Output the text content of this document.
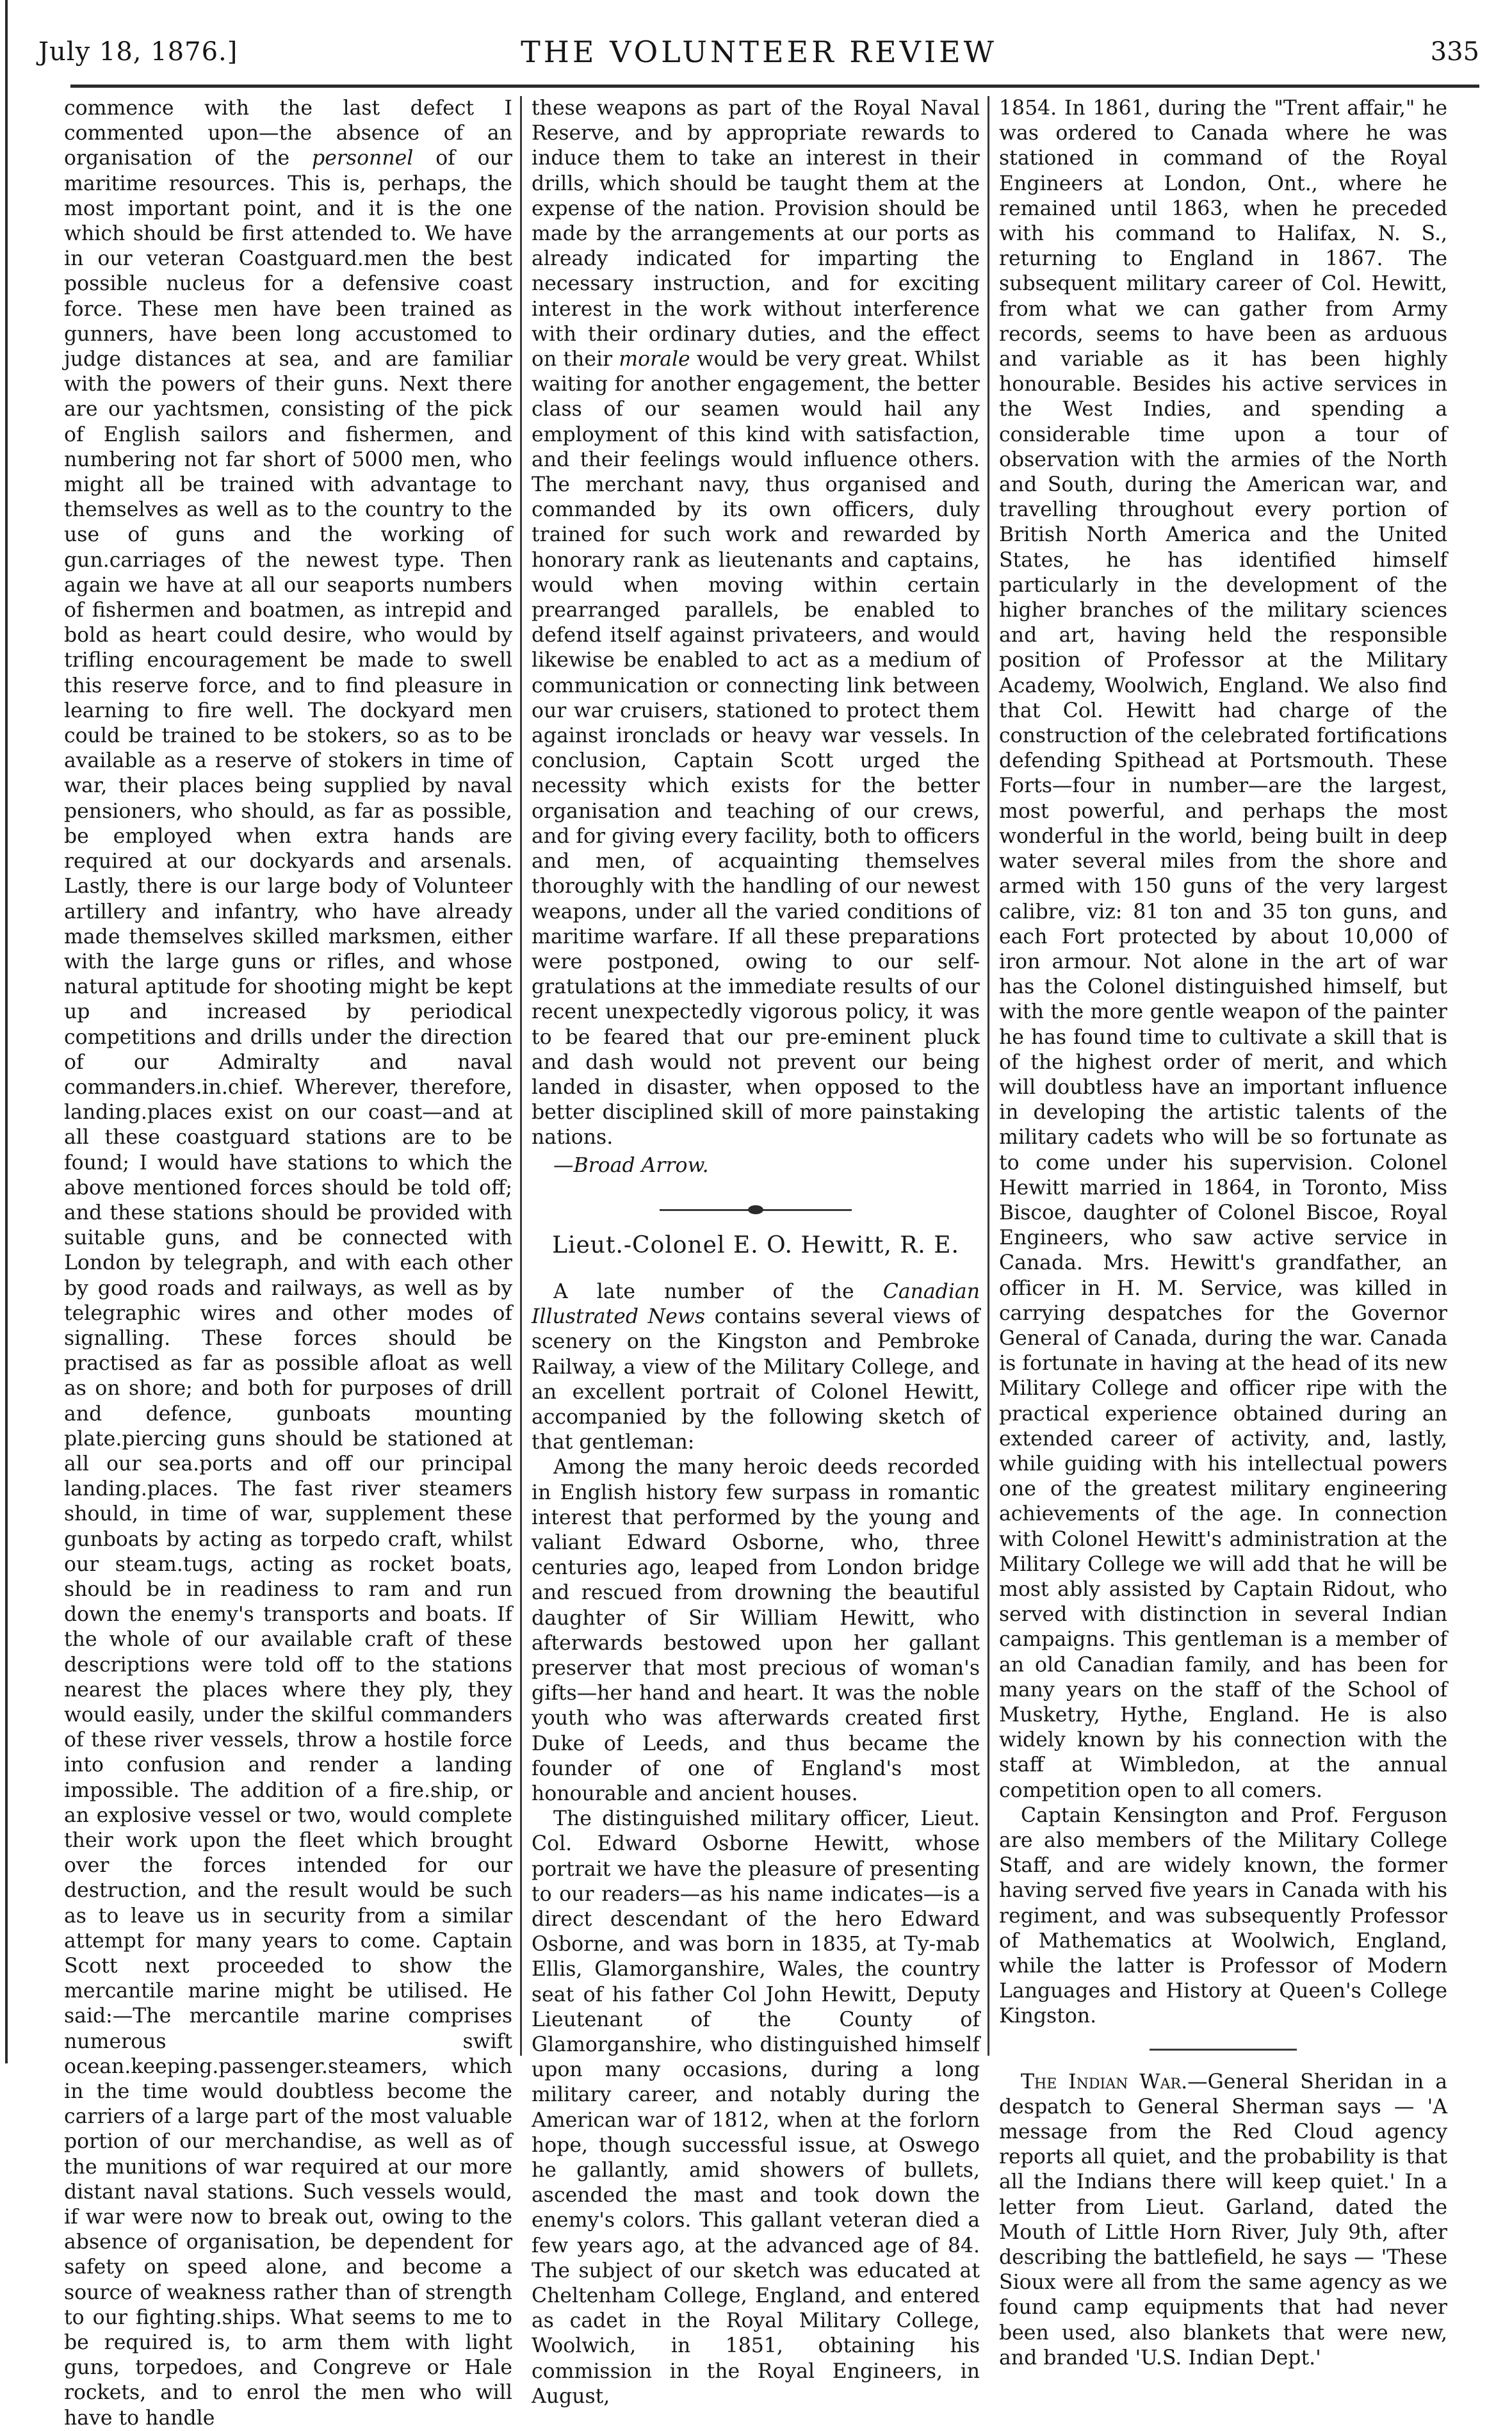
July 18, 1876.]	THE VOLUNTEER REVIEW	335

commence with the last defect I commented upon—the absence of an organisation of the personnel of our maritime resources. This is, perhaps, the most important point, and it is the one which should be first attended to. We have in our veteran Coastguard.men the best possible nucleus for a defensive coast force. These men have been trained as gunners, have been long accustomed to judge distances at sea, and are familiar with the powers of their guns. Next there are our yachtsmen, consisting of the pick of English sailors and fishermen, and numbering not far short of 5000 men, who might all be trained with advantage to themselves as well as to the country to the use of guns and the working of gun.carriages of the newest type. Then again we have at all our seaports numbers of fishermen and boatmen, as intrepid and bold as heart could desire, who would by trifling encouragement be made to swell this reserve force, and to find pleasure in learning to fire well. The dockyard men could be trained to be stokers, so as to be available as a reserve of stokers in time of war, their places being supplied by naval pensioners, who should, as far as possible, be employed when extra hands are required at our dockyards and arsenals. Lastly, there is our large body of Volunteer artillery and infantry, who have already made themselves skilled marksmen, either with the large guns or rifles, and whose natural aptitude for shooting might be kept up and increased by periodical competitions and drills under the direction of our Admiralty and naval commanders.in.chief. Wherever, therefore, landing.places exist on our coast—and at all these coastguard stations are to be found; I would have stations to which the above mentioned forces should be told off; and these stations should be provided with suitable guns, and be connected with London by telegraph, and with each other by good roads and railways, as well as by telegraphic wires and other modes of signalling. These forces should be practised as far as possible afloat as well as on shore; and both for purposes of drill and defence, gunboats mounting plate.piercing guns should be stationed at all our sea.ports and off our principal landing.places. The fast river steamers should, in time of war, supplement these gunboats by acting as torpedo craft, whilst our steam.tugs, acting as rocket boats, should be in readiness to ram and run down the enemy's transports and boats. If the whole of our available craft of these descriptions were told off to the stations nearest the places where they ply, they would easily, under the skilful commanders of these river vessels, throw a hostile force into confusion and render a landing impossible. The addition of a fire.ship, or an explosive vessel or two, would complete their work upon the fleet which brought over the forces intended for our destruction, and the result would be such as to leave us in security from a similar attempt for many years to come. Captain Scott next proceeded to show the mercantile marine might be utilised. He said:—The mercantile marine comprises numerous swift ocean.keeping.passenger.steamers, which in the time would doubtless become the carriers of a large part of the most valuable portion of our merchandise, as well as of the munitions of war required at our more distant naval stations. Such vessels would, if war were now to break out, owing to the absence of organisation, be dependent for safety on speed alone, and become a source of weakness rather than of strength to our fighting.ships. What seems to me to be required is, to arm them with light guns, torpedoes, and Congreve or Hale rockets, and to enrol the men who will have to handle

these weapons as part of the Royal Naval Reserve, and by appropriate rewards to induce them to take an interest in their drills, which should be taught them at the expense of the nation. Provision should be made by the arrangements at our ports as already indicated for imparting the necessary instruction, and for exciting interest in the work without interference with their ordinary duties, and the effect on their morale would be very great. Whilst waiting for another engagement, the better class of our seamen would hail any employment of this kind with satisfaction, and their feelings would influence others. The merchant navy, thus organised and commanded by its own officers, duly trained for such work and rewarded by honorary rank as lieutenants and captains, would when moving within certain prearranged parallels, be enabled to defend itself against privateers, and would likewise be enabled to act as a medium of communication or connecting link between our war cruisers, stationed to protect them against ironclads or heavy war vessels. In conclusion, Captain Scott urged the necessity which exists for the better organisation and teaching of our crews, and for giving every facility, both to officers and men, of acquainting themselves thoroughly with the handling of our newest weapons, under all the varied conditions of maritime warfare. If all these preparations were postponed, owing to our self-gratulations at the immediate results of our recent unexpectedly vigorous policy, it was to be feared that our pre-eminent pluck and dash would not prevent our being landed in disaster, when opposed to the better disciplined skill of more painstaking nations.

—Broad Arrow.

Lieut.-Colonel E. O. Hewitt, R. E.

A late number of the Canadian Illustrated News contains several views of scenery on the Kingston and Pembroke Railway, a view of the Military College, and an excellent portrait of Colonel Hewitt, accompanied by the following sketch of that gentleman:

Among the many heroic deeds recorded in English history few surpass in romantic interest that performed by the young and valiant Edward Osborne, who, three centuries ago, leaped from London bridge and rescued from drowning the beautiful daughter of Sir William Hewitt, who afterwards bestowed upon her gallant preserver that most precious of woman's gifts—her hand and heart. It was the noble youth who was afterwards created first Duke of Leeds, and thus became the founder of one of England's most honourable and ancient houses.

The distinguished military officer, Lieut. Col. Edward Osborne Hewitt, whose portrait we have the pleasure of presenting to our readers—as his name indicates—is a direct descendant of the hero Edward Osborne, and was born in 1835, at Ty-mab Ellis, Glamorganshire, Wales, the country seat of his father Col John Hewitt, Deputy Lieutenant of the County of Glamorganshire, who distinguished himself upon many occasions, during a long military career, and notably during the American war of 1812, when at the forlorn hope, though successful issue, at Oswego he gallantly, amid showers of bullets, ascended the mast and took down the enemy's colors. This gallant veteran died a few years ago, at the advanced age of 84. The subject of our sketch was educated at Cheltenham College, England, and entered as cadet in the Royal Military College, Woolwich, in 1851, obtaining his commission in the Royal Engineers, in August,

1854. In 1861, during the "Trent affair," he was ordered to Canada where he was stationed in command of the Royal Engineers at London, Ont., where he remained until 1863, when he preceded with his command to Halifax, N. S., returning to England in 1867. The subsequent military career of Col. Hewitt, from what we can gather from Army records, seems to have been as arduous and variable as it has been highly honourable. Besides his active services in the West Indies, and spending a considerable time upon a tour of observation with the armies of the North and South, during the American war, and travelling throughout every portion of British North America and the United States, he has identified himself particularly in the development of the higher branches of the military sciences and art, having held the responsible position of Professor at the Military Academy, Woolwich, England. We also find that Col. Hewitt had charge of the construction of the celebrated fortifications defending Spithead at Portsmouth. These Forts—four in number—are the largest, most powerful, and perhaps the most wonderful in the world, being built in deep water several miles from the shore and armed with 150 guns of the very largest calibre, viz: 81 ton and 35 ton guns, and each Fort protected by about 10,000 of iron armour. Not alone in the art of war has the Colonel distinguished himself, but with the more gentle weapon of the painter he has found time to cultivate a skill that is of the highest order of merit, and which will doubtless have an important influence in developing the artistic talents of the military cadets who will be so fortunate as to come under his supervision. Colonel Hewitt married in 1864, in Toronto, Miss Biscoe, daughter of Colonel Biscoe, Royal Engineers, who saw active service in Canada. Mrs. Hewitt's grandfather, an officer in H. M. Service, was killed in carrying despatches for the Governor General of Canada, during the war. Canada is fortunate in having at the head of its new Military College and officer ripe with the practical experience obtained during an extended career of activity, and, lastly, while guiding with his intellectual powers one of the greatest military engineering achievements of the age. In connection with Colonel Hewitt's administration at the Military College we will add that he will be most ably assisted by Captain Ridout, who served with distinction in several Indian campaigns. This gentleman is a member of an old Canadian family, and has been for many years on the staff of the School of Musketry, Hythe, England. He is also widely known by his connection with the staff at Wimbledon, at the annual competition open to all comers.

Captain Kensington and Prof. Ferguson are also members of the Military College Staff, and are widely known, the former having served five years in Canada with his regiment, and was subsequently Professor of Mathematics at Woolwich, England, while the latter is Professor of Modern Languages and History at Queen's College Kingston.

The Indian War.—General Sheridan in a despatch to General Sherman says — 'A message from the Red Cloud agency reports all quiet, and the probability is that all the Indians there will keep quiet.' In a letter from Lieut. Garland, dated the Mouth of Little Horn River, July 9th, after describing the battlefield, he says — 'These Sioux were all from the same agency as we found camp equipments that had never been used, also blankets that were new, and branded 'U.S. Indian Dept.'
